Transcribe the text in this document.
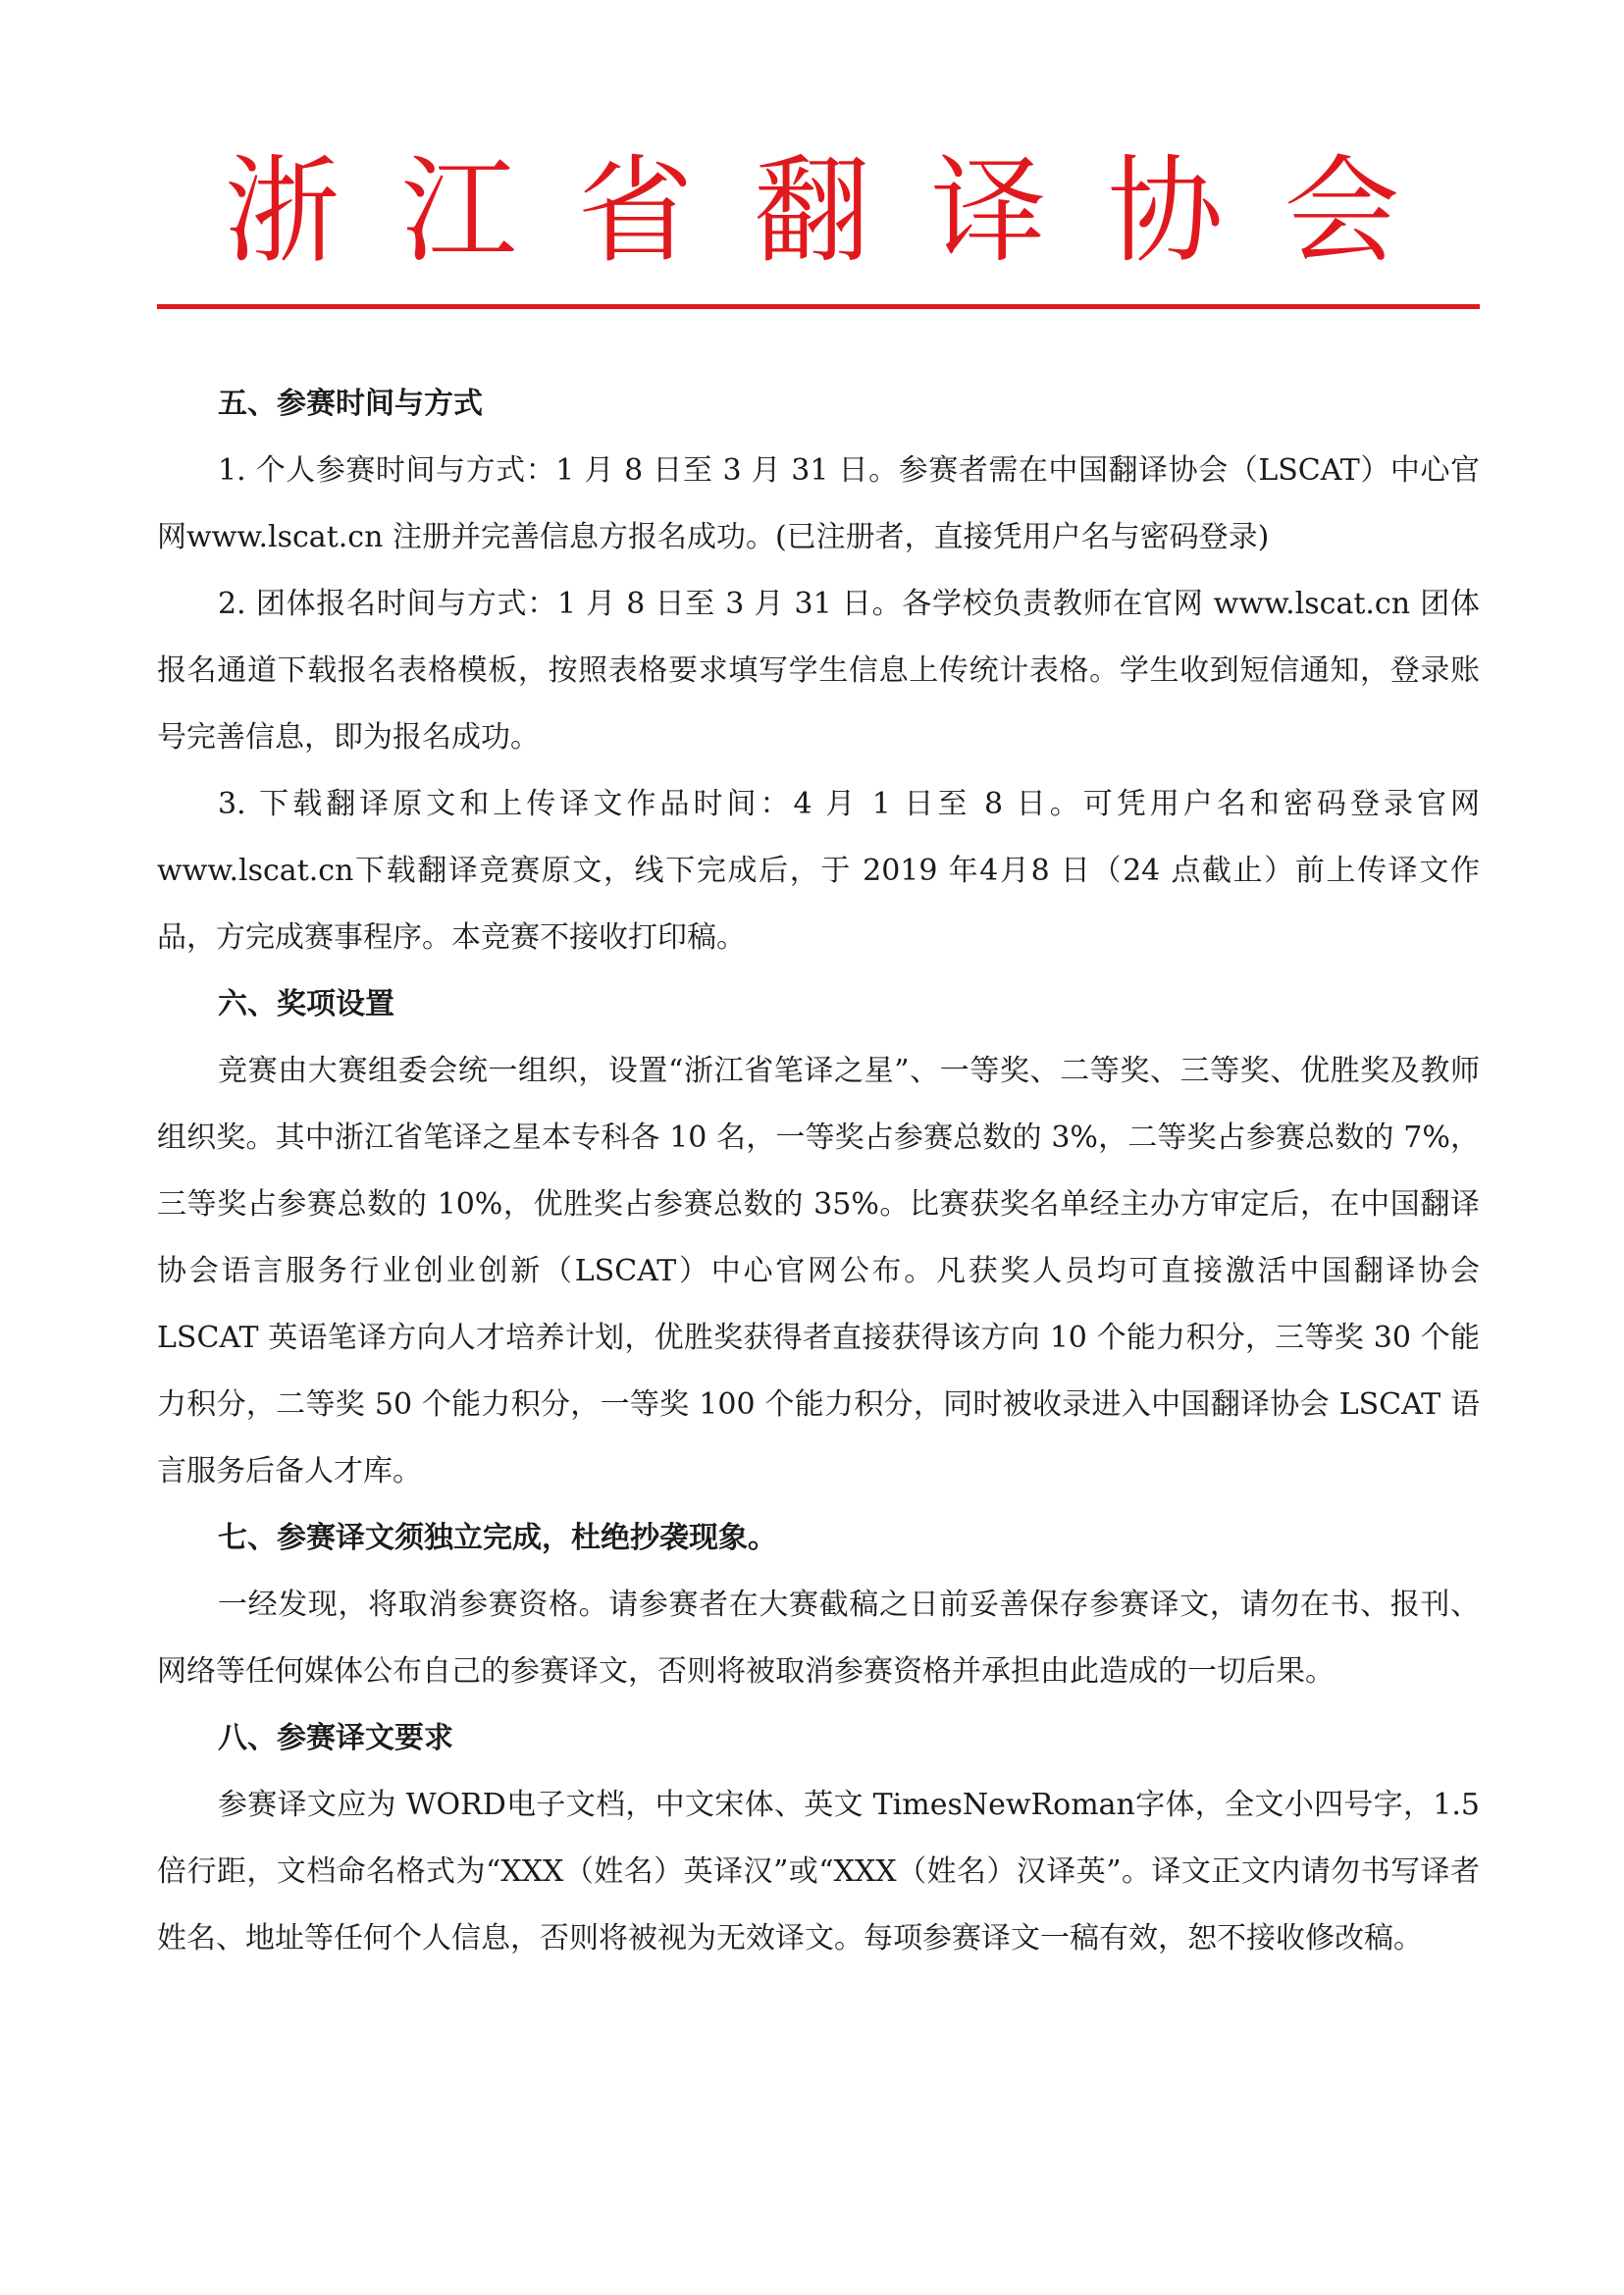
浙江省翻译协会

五、参赛时间与方式

1. 个人参赛时间与方式：1 月 8 日至 3 月 31 日。参赛者需在中国翻译协会（LSCAT）中心官网www.lscat.cn 注册并完善信息方报名成功。(已注册者，直接凭用户名与密码登录)

2. 团体报名时间与方式：1 月 8 日至 3 月 31 日。各学校负责教师在官网 www.lscat.cn 团体报名通道下载报名表格模板，按照表格要求填写学生信息上传统计表格。学生收到短信通知，登录账号完善信息，即为报名成功。

3. 下载翻译原文和上传译文作品时间：4 月 1 日至 8 日。可凭用户名和密码登录官网 www.lscat.cn下载翻译竞赛原文，线下完成后，于 2019 年4月8 日（24 点截止）前上传译文作品，方完成赛事程序。本竞赛不接收打印稿。

六、奖项设置

竞赛由大赛组委会统一组织，设置“浙江省笔译之星”、一等奖、二等奖、三等奖、优胜奖及教师组织奖。其中浙江省笔译之星本专科各 10 名，一等奖占参赛总数的 3%，二等奖占参赛总数的 7%，三等奖占参赛总数的 10%，优胜奖占参赛总数的 35%。比赛获奖名单经主办方审定后，在中国翻译协会语言服务行业创业创新（LSCAT）中心官网公布。凡获奖人员均可直接激活中国翻译协会 LSCAT 英语笔译方向人才培养计划，优胜奖获得者直接获得该方向 10 个能力积分，三等奖 30 个能力积分，二等奖 50 个能力积分，一等奖 100 个能力积分，同时被收录进入中国翻译协会 LSCAT 语言服务后备人才库。

七、参赛译文须独立完成，杜绝抄袭现象。

一经发现，将取消参赛资格。请参赛者在大赛截稿之日前妥善保存参赛译文，请勿在书、报刊、网络等任何媒体公布自己的参赛译文，否则将被取消参赛资格并承担由此造成的一切后果。

八、参赛译文要求

参赛译文应为 WORD电子文档，中文宋体、英文 TimesNewRoman字体，全文小四号字，1.5 倍行距，文档命名格式为“XXX（姓名）英译汉”或“XXX（姓名）汉译英”。译文正文内请勿书写译者姓名、地址等任何个人信息，否则将被视为无效译文。每项参赛译文一稿有效，恕不接收修改稿。
